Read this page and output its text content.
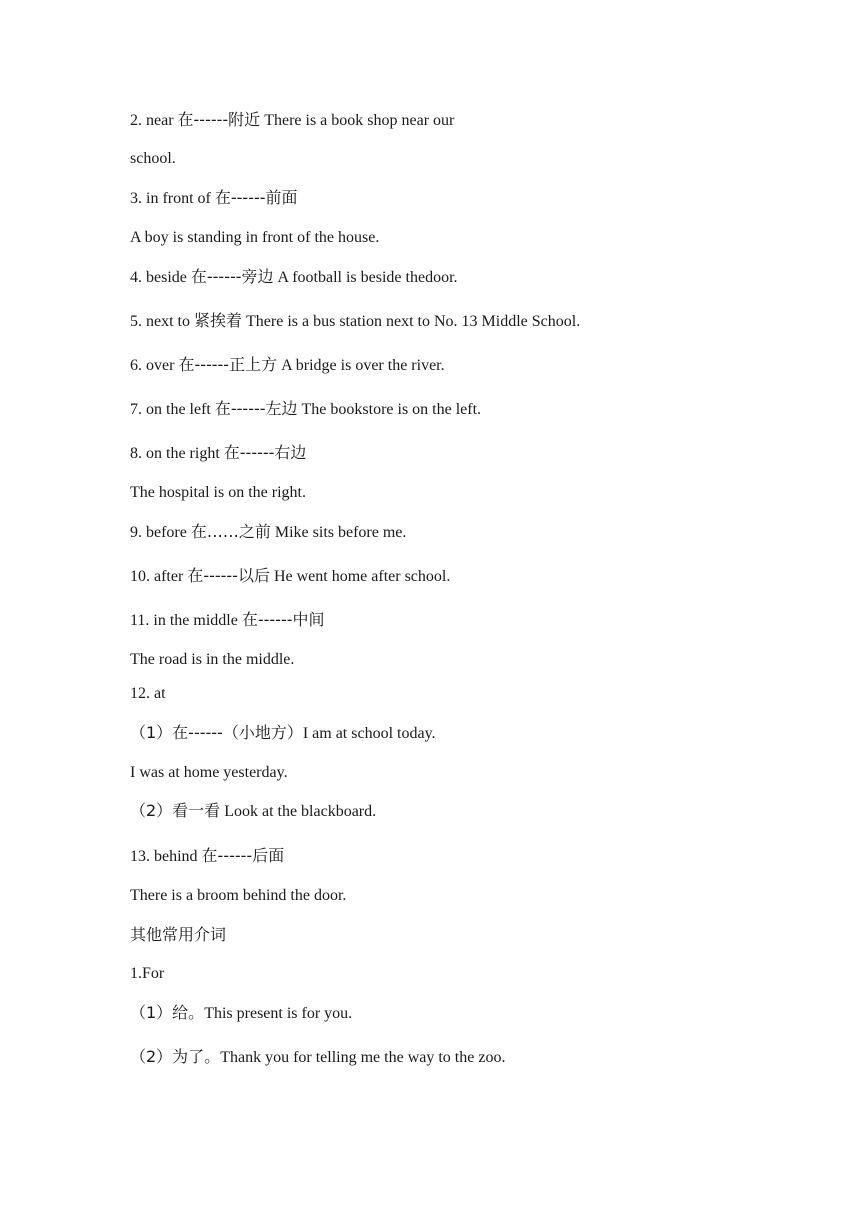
2. near 在------附近 There is a book shop near our
school.
3. in front of 在------前面
A boy is standing in front of the house.
4. beside 在------旁边 A football is beside thedoor.
5. next to 紧挨着 There is a bus station next to No. 13 Middle School.
6. over 在------正上方 A bridge is over the river.
7. on the left 在------左边 The bookstore is on the left.
8. on the right 在------右边
The hospital is on the right.
9. before 在……之前 Mike sits before me.
10. after 在------以后 He went home after school.
11. in the middle 在------中间
The road is in the middle.
12. at
（1）在------（小地方）I am at school today.
I was at home yesterday.
（2）看一看 Look at the blackboard.
13. behind 在------后面
There is a broom behind the door.
其他常用介词
1.For
（1）给。This present is for you.
（2）为了。Thank you for telling me the way to the zoo.
